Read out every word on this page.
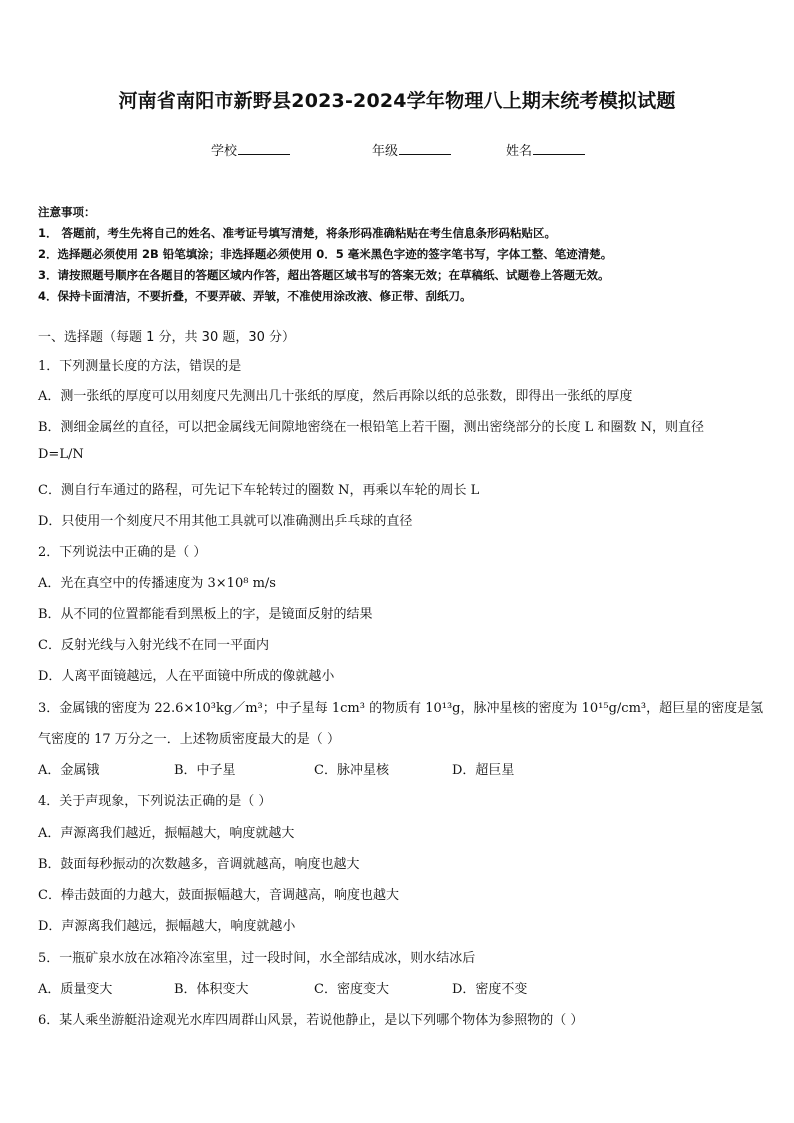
河南省南阳市新野县2023-2024学年物理八上期末统考模拟试题
学校	年级	姓名
注意事项：
1． 答题前，考生先将自己的姓名、准考证号填写清楚，将条形码准确粘贴在考生信息条形码粘贴区。
2．选择题必须使用 2B 铅笔填涂；非选择题必须使用 0．5 毫米黑色字迹的签字笔书写，字体工整、笔迹清楚。
3．请按照题号顺序在各题目的答题区域内作答，超出答题区域书写的答案无效；在草稿纸、试题卷上答题无效。
4．保持卡面清洁，不要折叠，不要弄破、弄皱，不准使用涂改液、修正带、刮纸刀。
一、选择题（每题 1 分，共 30 题，30 分）
1．下列测量长度的方法，错误的是
A．测一张纸的厚度可以用刻度尺先测出几十张纸的厚度，然后再除以纸的总张数，即得出一张纸的厚度
B．测细金属丝的直径，可以把金属线无间隙地密绕在一根铅笔上若干圈，测出密绕部分的长度 L 和圈数 N，则直径
D=L/N
C．测自行车通过的路程，可先记下车轮转过的圈数 N，再乘以车轮的周长 L
D．只使用一个刻度尺不用其他工具就可以准确测出乒乓球的直径
2．下列说法中正确的是（ ）
A．光在真空中的传播速度为 3×10⁸ m/s
B．从不同的位置都能看到黑板上的字，是镜面反射的结果
C．反射光线与入射光线不在同一平面内
D．人离平面镜越远，人在平面镜中所成的像就越小
3．金属锇的密度为 22.6×10³kg／m³；中子星每 1cm³ 的物质有 10¹³g，脉冲星核的密度为 10¹⁵g/cm³，超巨星的密度是氢
气密度的 17 万分之一．上述物质密度最大的是（ ）
A．金属锇	B．中子星	C．脉冲星核	D．超巨星
4．关于声现象，下列说法正确的是（ ）
A．声源离我们越近，振幅越大，响度就越大
B．鼓面每秒振动的次数越多，音调就越高，响度也越大
C．棒击鼓面的力越大，鼓面振幅越大，音调越高，响度也越大
D．声源离我们越远，振幅越大，响度就越小
5．一瓶矿泉水放在冰箱冷冻室里，过一段时间，水全部结成冰，则水结冰后
A．质量变大	B．体积变大	C．密度变大	D．密度不变
6．某人乘坐游艇沿途观光水库四周群山风景，若说他静止，是以下列哪个物体为参照物的（ ）
